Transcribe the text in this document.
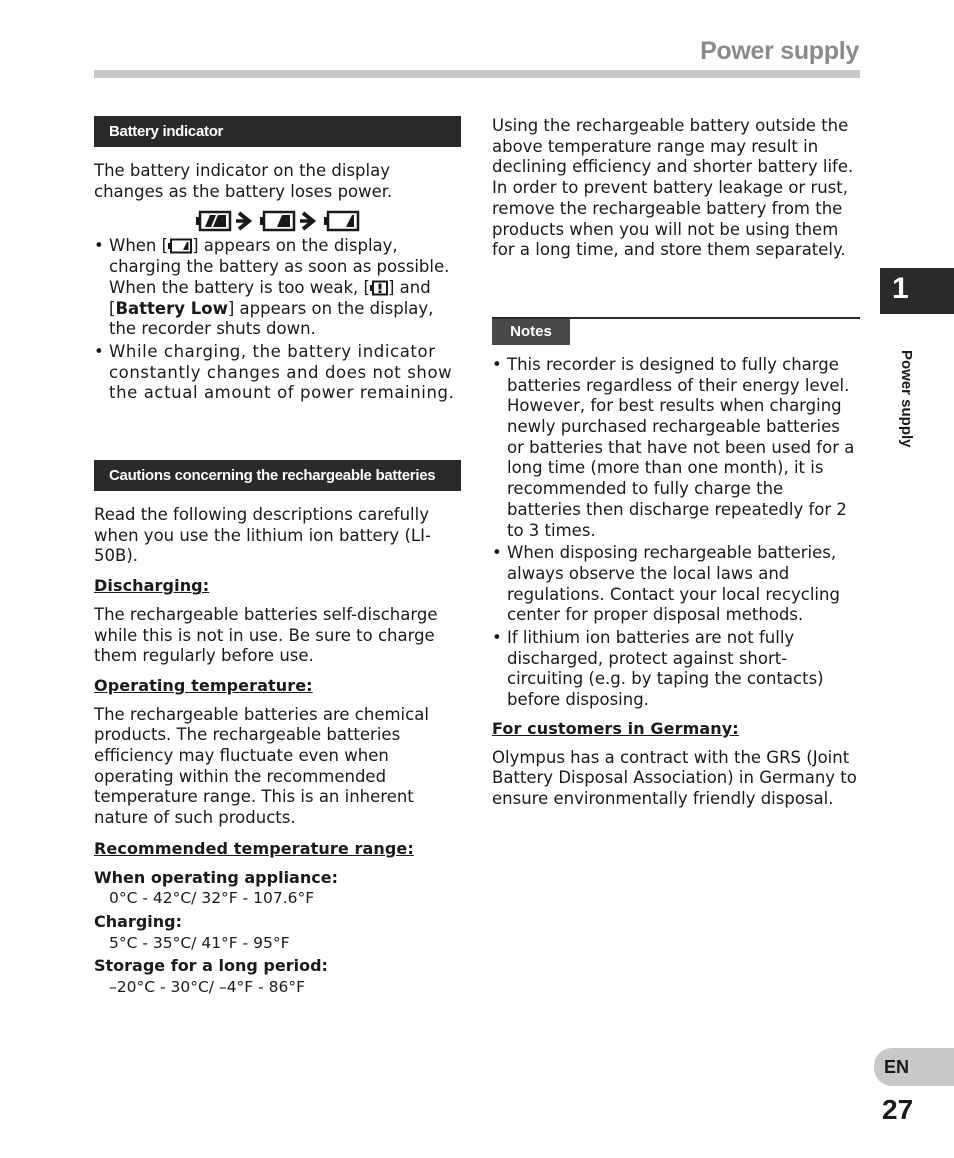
Power supply
Battery indicator

The battery indicator on the display changes as the battery loses power.

• When [ ] appears on the display, charging the battery as soon as possible. When the battery is too weak, [ ] and [Battery Low] appears on the display, the recorder shuts down.
• While charging, the battery indicator constantly changes and does not show the actual amount of power remaining.
Cautions concerning the rechargeable batteries

Read the following descriptions carefully when you use the lithium ion battery (LI-50B).

Discharging:

The rechargeable batteries self-discharge while this is not in use. Be sure to charge them regularly before use.

Operating temperature:

The rechargeable batteries are chemical products. The rechargeable batteries efficiency may fluctuate even when operating within the recommended temperature range. This is an inherent nature of such products.

Recommended temperature range:
When operating appliance:
0°C - 42°C/ 32°F - 107.6°F
Charging:
5°C - 35°C/ 41°F - 95°F
Storage for a long period:
–20°C - 30°C/ –4°F - 86°F

Using the rechargeable battery outside the above temperature range may result in declining efficiency and shorter battery life. In order to prevent battery leakage or rust, remove the rechargeable battery from the products when you will not be using them for a long time, and store them separately.

Notes
• This recorder is designed to fully charge batteries regardless of their energy level. However, for best results when charging newly purchased rechargeable batteries or batteries that have not been used for a long time (more than one month), it is recommended to fully charge the batteries then discharge repeatedly for 2 to 3 times.
• When disposing rechargeable batteries, always observe the local laws and regulations. Contact your local recycling center for proper disposal methods.
• If lithium ion batteries are not fully discharged, protect against short-circuiting (e.g. by taping the contacts) before disposing.
For customers in Germany:

Olympus has a contract with the GRS (Joint Battery Disposal Association) in Germany to ensure environmentally friendly disposal.

1
Power supply
EN
27
